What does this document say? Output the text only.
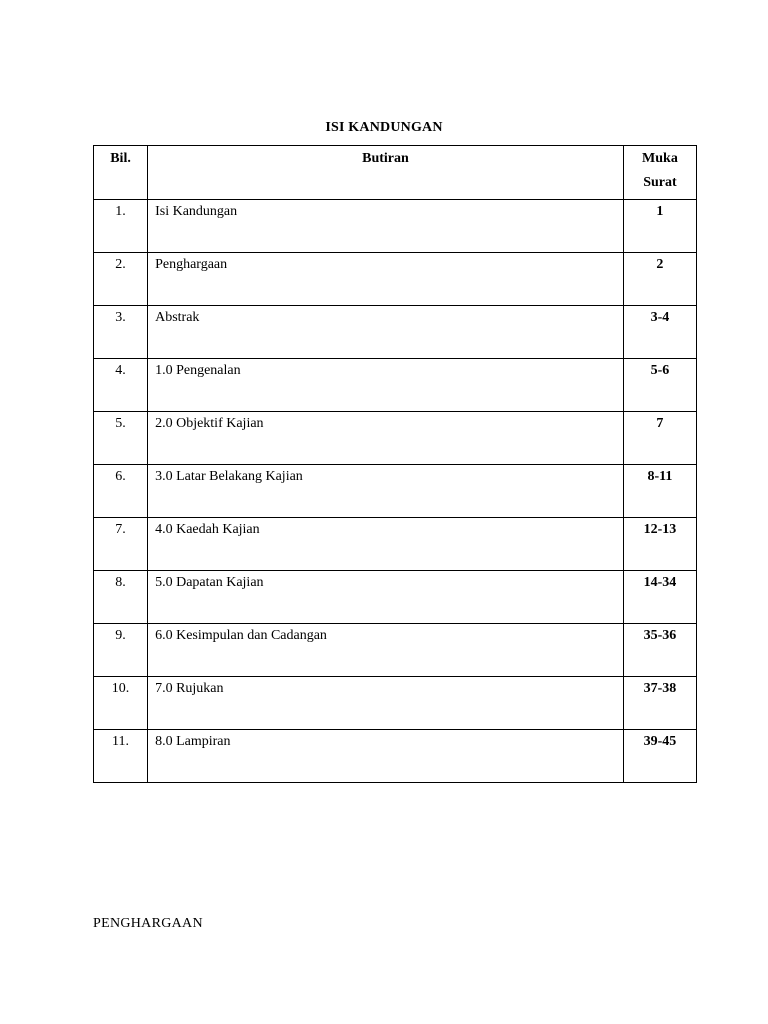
ISI KANDUNGAN
Bil.	Butiran	Muka
Surat

1.	Isi Kandungan	1
2.	Penghargaan	2
3.	Abstrak	3-4
4.	1.0 Pengenalan	5-6
5.	2.0 Objektif Kajian	7
6.	3.0 Latar Belakang Kajian	8-11
7.	4.0 Kaedah Kajian	12-13
8.	5.0 Dapatan Kajian	14-34
9.	6.0 Kesimpulan dan Cadangan	35-36
10.	7.0 Rujukan	37-38
11.	8.0 Lampiran	39-45
PENGHARGAAN
